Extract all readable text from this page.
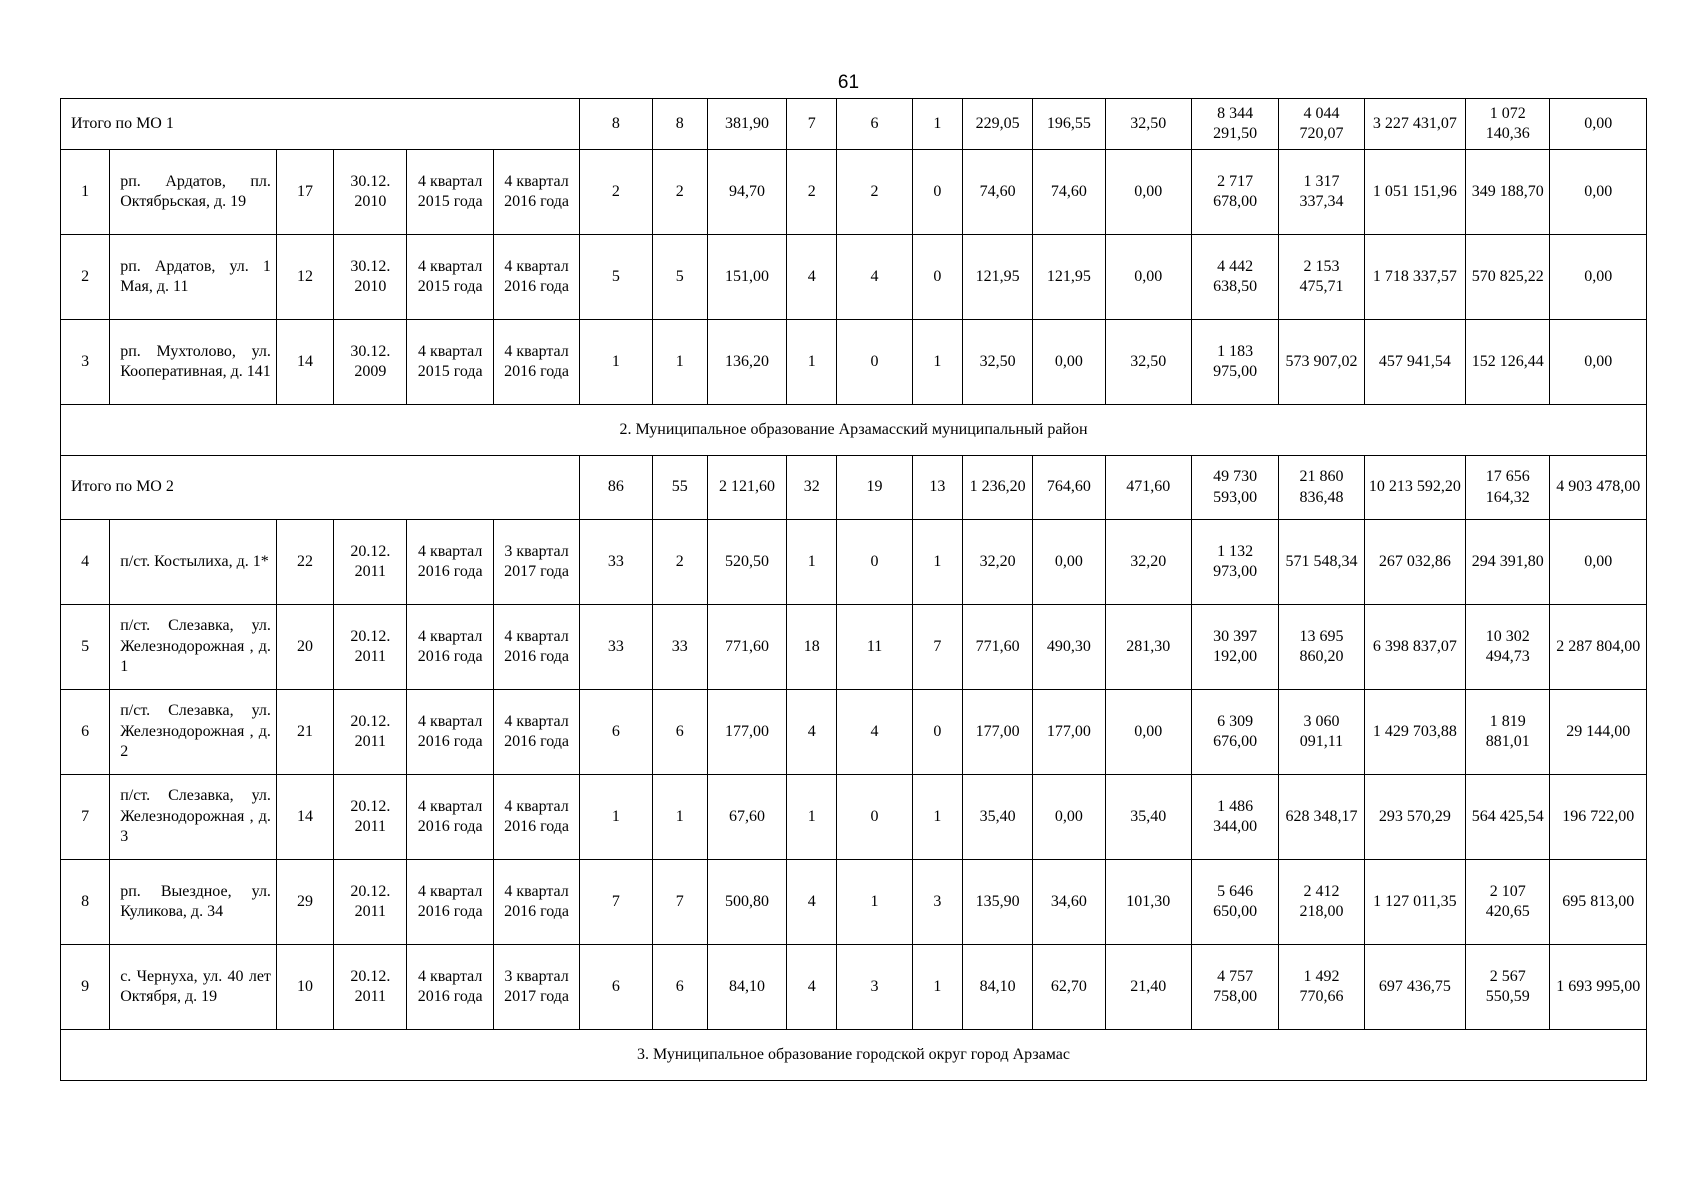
61
Итого по МО 1						8	8	381,90	7	6	1	229,05	196,55	32,50	8 344 291,50	4 044 720,07	3 227 431,07	1 072 140,36	0,00
1	рп. Ардатов, пл. Октябрьская, д. 19	17	30.12. 2010	4 квартал 2015 года	4 квартал 2016 года	2	2	94,70	2	2	0	74,60	74,60	0,00	2 717 678,00	1 317 337,34	1 051 151,96	349 188,70	0,00
2	рп. Ардатов, ул. 1 Мая, д. 11	12	30.12. 2010	4 квартал 2015 года	4 квартал 2016 года	5	5	151,00	4	4	0	121,95	121,95	0,00	4 442 638,50	2 153 475,71	1 718 337,57	570 825,22	0,00
3	рп. Мухтолово, ул. Кооперативная, д. 141	14	30.12. 2009	4 квартал 2015 года	4 квартал 2016 года	1	1	136,20	1	0	1	32,50	0,00	32,50	1 183 975,00	573 907,02	457 941,54	152 126,44	0,00
2. Муниципальное образование Арзамасский муниципальный район																			
Итого по МО 2						86	55	2 121,60	32	19	13	1 236,20	764,60	471,60	49 730 593,00	21 860 836,48	10 213 592,20	17 656 164,32	4 903 478,00
4	п/ст. Костылиха, д. 1*	22	20.12. 2011	4 квартал 2016 года	3 квартал 2017 года	33	2	520,50	1	0	1	32,20	0,00	32,20	1 132 973,00	571 548,34	267 032,86	294 391,80	0,00
5	п/ст. Слезавка, ул. Железнодорожная , д. 1	20	20.12. 2011	4 квартал 2016 года	4 квартал 2016 года	33	33	771,60	18	11	7	771,60	490,30	281,30	30 397 192,00	13 695 860,20	6 398 837,07	10 302 494,73	2 287 804,00
6	п/ст. Слезавка, ул. Железнодорожная , д. 2	21	20.12. 2011	4 квартал 2016 года	4 квартал 2016 года	6	6	177,00	4	4	0	177,00	177,00	0,00	6 309 676,00	3 060 091,11	1 429 703,88	1 819 881,01	29 144,00
7	п/ст. Слезавка, ул. Железнодорожная , д. 3	14	20.12. 2011	4 квартал 2016 года	4 квартал 2016 года	1	1	67,60	1	0	1	35,40	0,00	35,40	1 486 344,00	628 348,17	293 570,29	564 425,54	196 722,00
8	рп. Выездное, ул. Куликова, д. 34	29	20.12. 2011	4 квартал 2016 года	4 квартал 2016 года	7	7	500,80	4	1	3	135,90	34,60	101,30	5 646 650,00	2 412 218,00	1 127 011,35	2 107 420,65	695 813,00
9	с. Чернуха, ул. 40 лет Октября, д. 19	10	20.12. 2011	4 квартал 2016 года	3 квартал 2017 года	6	6	84,10	4	3	1	84,10	62,70	21,40	4 757 758,00	1 492 770,66	697 436,75	2 567 550,59	1 693 995,00
3. Муниципальное образование городской округ город Арзамас																			
